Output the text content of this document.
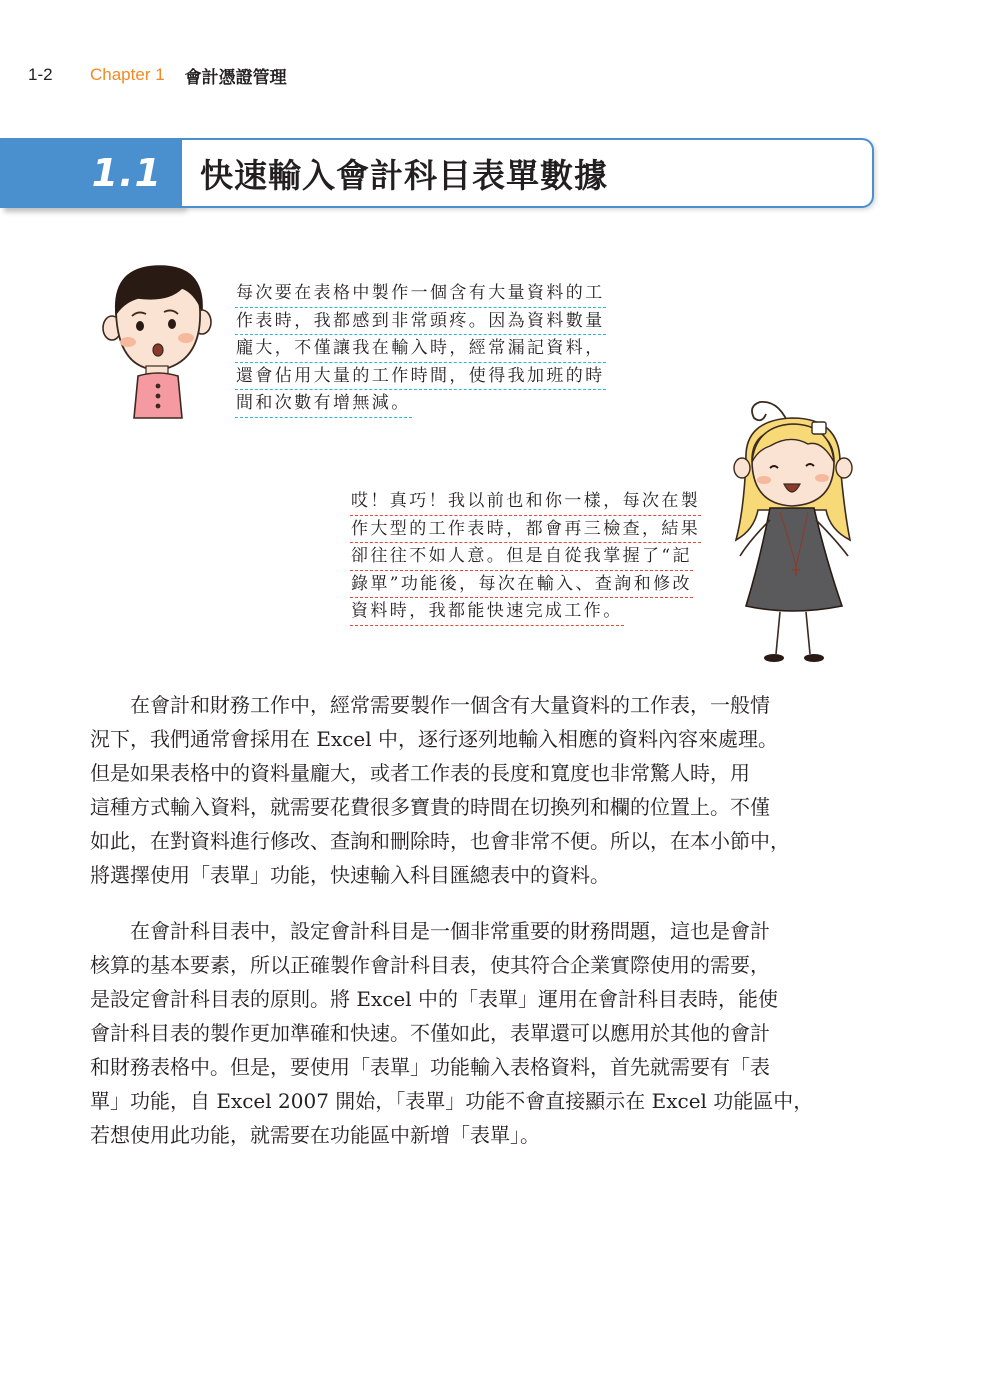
1-2	Chapter 1 會計憑證管理
1.1 快速輸入會計科目表單數據
每次要在表格中製作一個含有大量資料的工
作表時，我都感到非常頭疼。因為資料數量
龐大，不僅讓我在輸入時，經常漏記資料，
還會佔用大量的工作時間，使得我加班的時
間和次數有增無減。
哎！真巧！我以前也和你一樣，每次在製
作大型的工作表時，都會再三檢查，結果
卻往往不如人意。但是自從我掌握了“記
錄單”功能後，每次在輸入、查詢和修改
資料時，我都能快速完成工作。
　　在會計和財務工作中，經常需要製作一個含有大量資料的工作表，一般情
況下，我們通常會採用在 Excel 中，逐行逐列地輸入相應的資料內容來處理。
但是如果表格中的資料量龐大，或者工作表的長度和寬度也非常驚人時，用
這種方式輸入資料，就需要花費很多寶貴的時間在切換列和欄的位置上。不僅
如此，在對資料進行修改、查詢和刪除時，也會非常不便。所以，在本小節中，
將選擇使用「表單」功能，快速輸入科目匯總表中的資料。
　　在會計科目表中，設定會計科目是一個非常重要的財務問題，這也是會計
核算的基本要素，所以正確製作會計科目表，使其符合企業實際使用的需要，
是設定會計科目表的原則。將 Excel 中的「表單」運用在會計科目表時，能使
會計科目表的製作更加準確和快速。不僅如此，表單還可以應用於其他的會計
和財務表格中。但是，要使用「表單」功能輸入表格資料，首先就需要有「表
單」功能，自 Excel 2007 開始，「表單」功能不會直接顯示在 Excel 功能區中，
若想使用此功能，就需要在功能區中新增「表單」。
